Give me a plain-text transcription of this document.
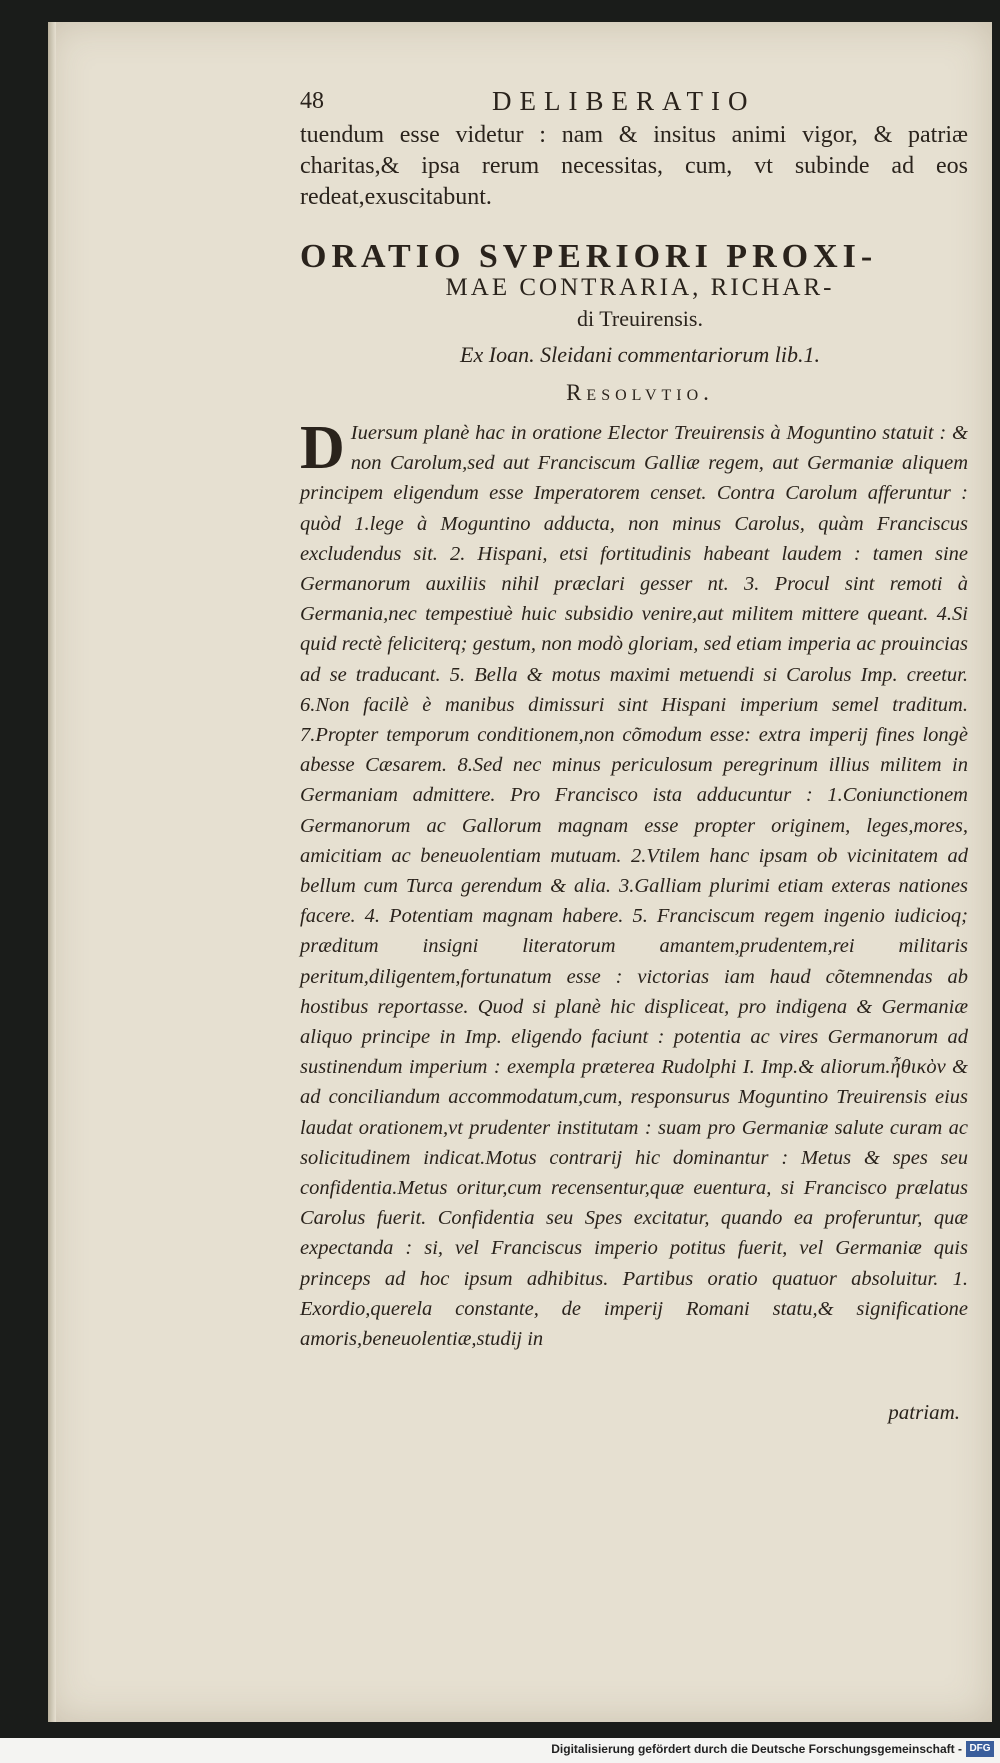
48	DELIBERATIO
tuendum esse videtur : nam & insitus animi vigor, & patriæ charitas,& ipsa rerum necessitas, cum, vt subinde ad eos redeat,exuscitabunt.
ORATIO SVPERIORI PROXI-
MAE CONTRARIA, RICHAR-
di Treuirensis.
Ex Ioan. Sleidani commentariorum lib.1.
Resolvtio.
D Iuersum planè hac in oratione Elector Treuirensis à Moguntino statuit : & non Carolum,sed aut Franciscum Galliæ regem, aut Germaniæ aliquem principem eligendum esse Imperatorem censet. Contra Carolum afferuntur : quòd 1.lege à Moguntino adducta, non minus Carolus, quàm Franciscus excludendus sit. 2. Hispani, etsi fortitudinis habeant laudem : tamen sine Germanorum auxiliis nihil præclari gesser nt. 3. Procul sint remoti à Germania,nec tempestiuè huic subsidio venire,aut militem mittere queant. 4.Si quid rectè feliciterq; gestum, non modò gloriam, sed etiam imperia ac prouincias ad se traducant. 5. Bella & motus maximi metuendi si Carolus Imp. creetur. 6.Non facilè è manibus dimissuri sint Hispani imperium semel traditum. 7.Propter temporum conditionem,non cõmodum esse: extra imperij fines longè abesse Cæsarem. 8.Sed nec minus periculosum peregrinum illius militem in Germaniam admittere. Pro Francisco ista adducuntur : 1.Coniunctionem Germanorum ac Gallorum magnam esse propter originem, leges,mores, amicitiam ac beneuolentiam mutuam. 2.Vtilem hanc ipsam ob vicinitatem ad bellum cum Turca gerendum & alia. 3.Galliam plurimi etiam exteras nationes facere. 4. Potentiam magnam habere. 5. Franciscum regem ingenio iudicioq; præditum insigni literatorum amantem,prudentem,rei militaris peritum,diligentem,fortunatum esse : victorias iam haud cõtemnendas ab hostibus reportasse. Quod si planè hic displiceat, pro indigena & Germaniæ aliquo principe in Imp. eligendo faciunt : potentia ac vires Germanorum ad sustinendum imperium : exempla præterea Rudolphi I. Imp.& aliorum.ἦθικὸν & ad conciliandum accommodatum,cum, responsurus Moguntino Treuirensis eius laudat orationem,vt prudenter institutam : suam pro Germaniæ salute curam ac solicitudinem indicat.Motus contrarij hic dominantur : Metus & spes seu confidentia.Metus oritur,cum recensentur,quæ euentura, si Francisco prælatus Carolus fuerit. Confidentia seu Spes excitatur, quando ea proferuntur, quæ expectanda : si, vel Franciscus imperio potitus fuerit, vel Germaniæ quis princeps ad hoc ipsum adhibitus. Partibus oratio quatuor absoluitur. 1. Exordio,querela constante, de imperij Romani statu,& significatione amoris,beneuolentiæ,studij in
patriam.
Digitalisierung gefördert durch die Deutsche Forschungsgemeinschaft - DFG
